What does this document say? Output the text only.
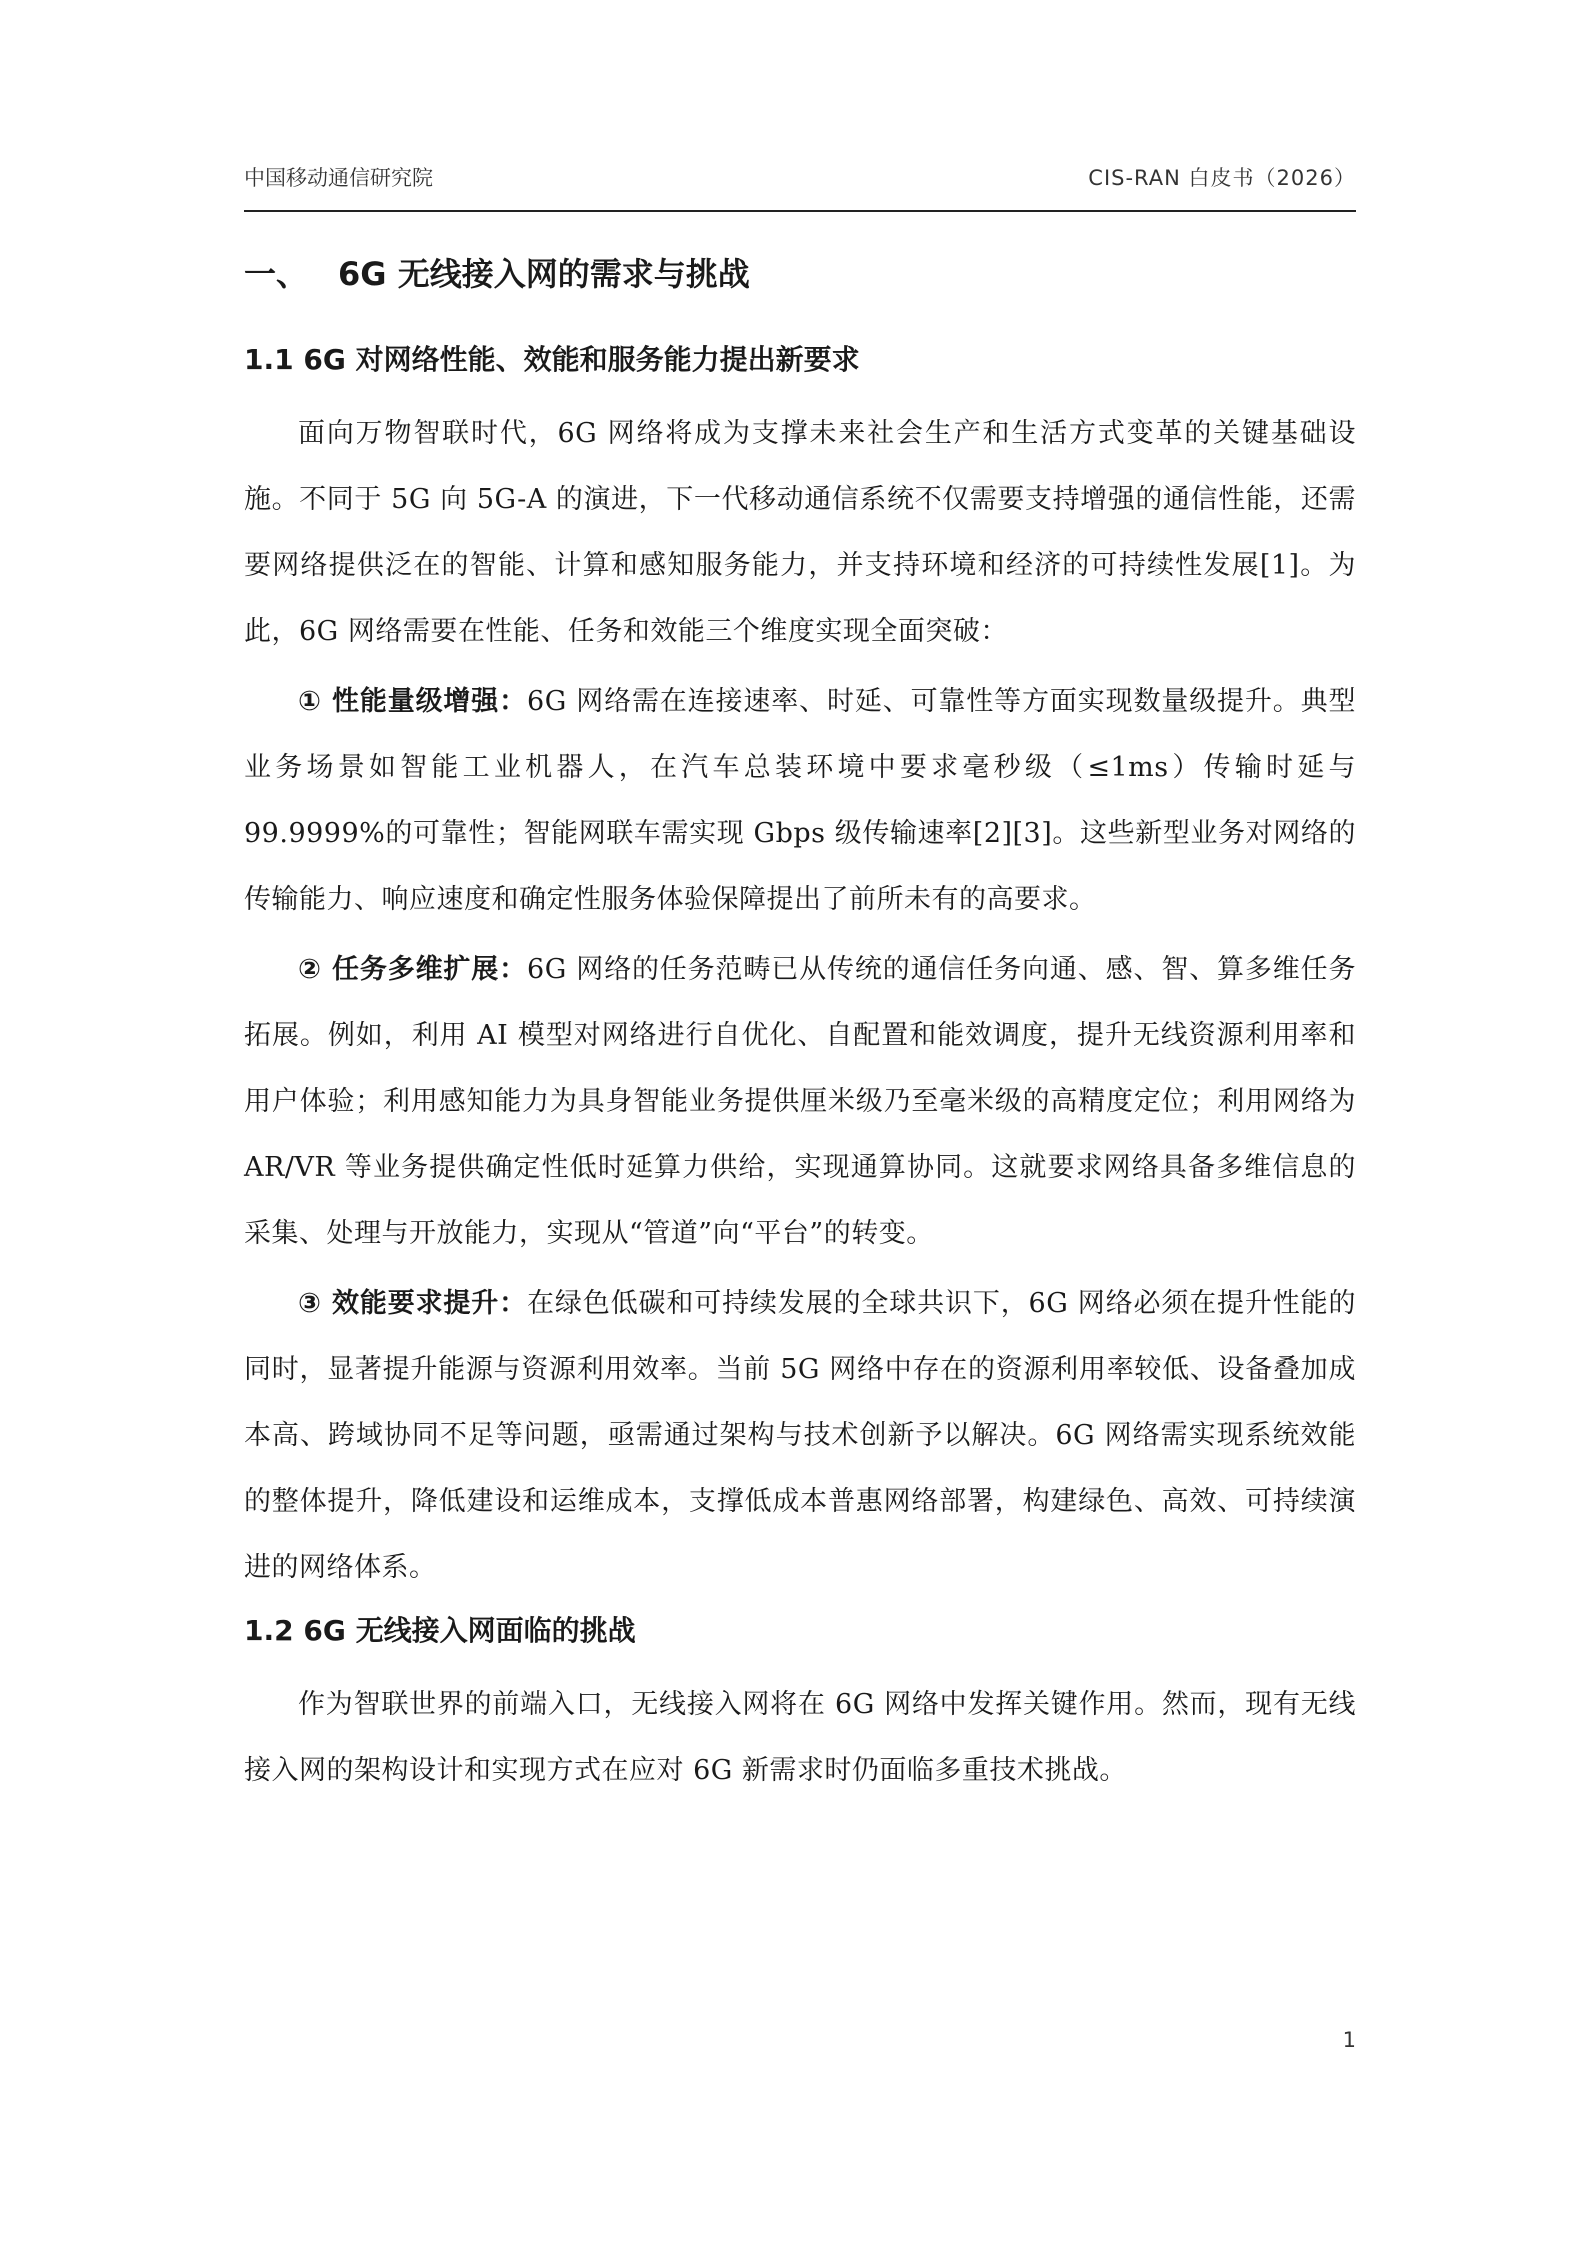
中国移动通信研究院	CIS-RAN 白皮书（2026）
一、 6G 无线接入网的需求与挑战
1.1 6G 对网络性能、效能和服务能力提出新要求

面向万物智联时代，6G 网络将成为支撑未来社会生产和生活方式变革的关键基础设施。不同于 5G 向 5G-A 的演进，下一代移动通信系统不仅需要支持增强的通信性能，还需要网络提供泛在的智能、计算和感知服务能力，并支持环境和经济的可持续性发展[1]。为此，6G 网络需要在性能、任务和效能三个维度实现全面突破：

① 性能量级增强：6G 网络需在连接速率、时延、可靠性等方面实现数量级提升。典型业务场景如智能工业机器人，在汽车总装环境中要求毫秒级（≤1ms）传输时延与 99.9999%的可靠性；智能网联车需实现 Gbps 级传输速率[2][3]。这些新型业务对网络的传输能力、响应速度和确定性服务体验保障提出了前所未有的高要求。

② 任务多维扩展：6G 网络的任务范畴已从传统的通信任务向通、感、智、算多维任务拓展。例如，利用 AI 模型对网络进行自优化、自配置和能效调度，提升无线资源利用率和用户体验；利用感知能力为具身智能业务提供厘米级乃至毫米级的高精度定位；利用网络为 AR/VR 等业务提供确定性低时延算力供给，实现通算协同。这就要求网络具备多维信息的采集、处理与开放能力，实现从“管道”向“平台”的转变。

③ 效能要求提升：在绿色低碳和可持续发展的全球共识下，6G 网络必须在提升性能的同时，显著提升能源与资源利用效率。当前 5G 网络中存在的资源利用率较低、设备叠加成本高、跨域协同不足等问题，亟需通过架构与技术创新予以解决。6G 网络需实现系统效能的整体提升，降低建设和运维成本，支撑低成本普惠网络部署，构建绿色、高效、可持续演进的网络体系。

1.2 6G 无线接入网面临的挑战

作为智联世界的前端入口，无线接入网将在 6G 网络中发挥关键作用。然而，现有无线接入网的架构设计和实现方式在应对 6G 新需求时仍面临多重技术挑战。

1
